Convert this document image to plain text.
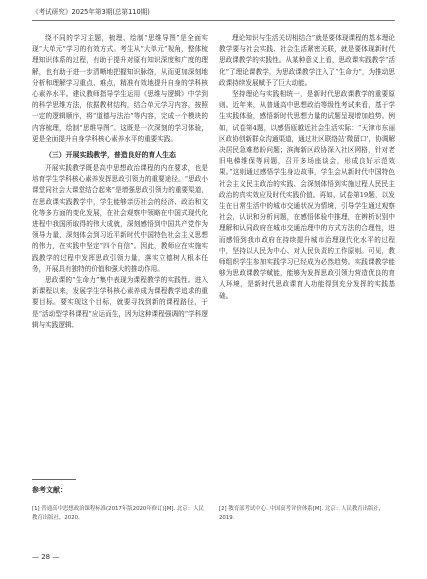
《考试研究》2025年第3期(总第110期)

绕不同的学习主题，梳理、绘制“思维导图”是全面实现“大单元”学习的有效方式。考生从“大单元”视角，整体梳理知识体系的过程，有助于提升对原有知识深度和广度的理解，也有助于进一步清晰地把握知识脉络，从而更加深刻地分析和理解学习重点、难点，精准有效地提升自身的学科核心素养水平。建议教师指导学生运用《思维与逻辑》中学到的科学思维方法，依据教材结构，结合单元学习内容，按照一定的逻辑顺序，将“道德与法治”等内容，完成一个模块的内容梳理，绘制“思维导图”。这既是一次深刻的学习体验，更是全面提升自身学科核心素养水平的重要实践。

（三）开展实践教学，普造良好的育人生态

开展实践教学既是高中思想政治课程的内在要求，也是培育学生学科核心素养发挥思政引领力的重要途径。“思政小课堂同社会大课堂结合起来”是增强思政引领力的重要渠道，在思政课实践教学中，学生能够亲历社会的经济、政治和文化等多方面的变化发展，在社会观察中领略在中国式现代化进程中我国所取得的伟大成就，深刻感悟到中国共产党作为领导力量，深刻体会到习近平新时代中国特色社会主义思想的伟力，在实践中坚定“四个自信”。因此，教师应在实施实践教学的过程中发挥思政引领力量，落实立德树人根本任务，开展具有独特的价值和强大的推动作用。

思政课的“生命力”集中表现为课程教学的实践性。进入新课程以来，发展学生学科核心素养成为课程教学追求的重要目标。要实现这个目标，就要寻找到新的课程路径，于是“活动型学科课程”应运而生，因为这种课程强调的“学科逻辑与实践逻辑、

理论知识与生活关切相结合”就是要体现课程的基本理论教学要与社会实践、社会生活紧密关联，就是要体现新时代思政课教学的实践性。从某种意义上看，思政课实践教学“活化”了理论课教学，为思政课教学注入了“生命力”，为推动思政课持续发展赋予了巨大动能。

坚持理论与实践相统一，是新时代思政课教学的重要原则。近年来，从普通高中思想政治等级性考试来看，基于学生实践体验，感悟新时代思想力量的试题呈现增加趋势。例如，试卷第4题，以感悟瓯越近社会生活实际：“天津市东丽区政协创新群众沟通渠道，通过社区联络站‘微留口’，协调解决居民急难愁盼问题；滨海新区政协深入社区网格，针对老旧电梯维保等问题，召开多场座谈会，形成良好示范效果。”这则通过感悟学生身边故事，学生会从新时代中国特色社会主义民主政治的实践、会深刻体悟到实施过程人民民主政治的真实效应及时代实践价值。再如，试卷第19题，以发生在日常生活中的城市交通状况为情境，引导学生通过观察社会，认识和分析问题，在感悟体验中推理，在辨析识别中理解和认同政府在城市交通治理中的方式方法的合理性，进而感悟到我市政府在持续提升城市治理现代化水平的过程中，坚持以人民为中心、对人民负责的工作原则。可见，教师组织学生参加实践学习已经成为必然趋势。实践课教学能够为思政课教学赋能，能够为发挥思政引领力营造优良的育人环境，是新时代思政课育人功能得到充分发挥的实践基础。

参考文献：
[1] 普通高中思想政治课程标准(2017年版2020年修订)[M]. 北京：人民教育出版社，2020.
[2] 教育部考试中心. 中国高考评价体系[M]. 北京：人民教育出版社，2019.
— 28 —
